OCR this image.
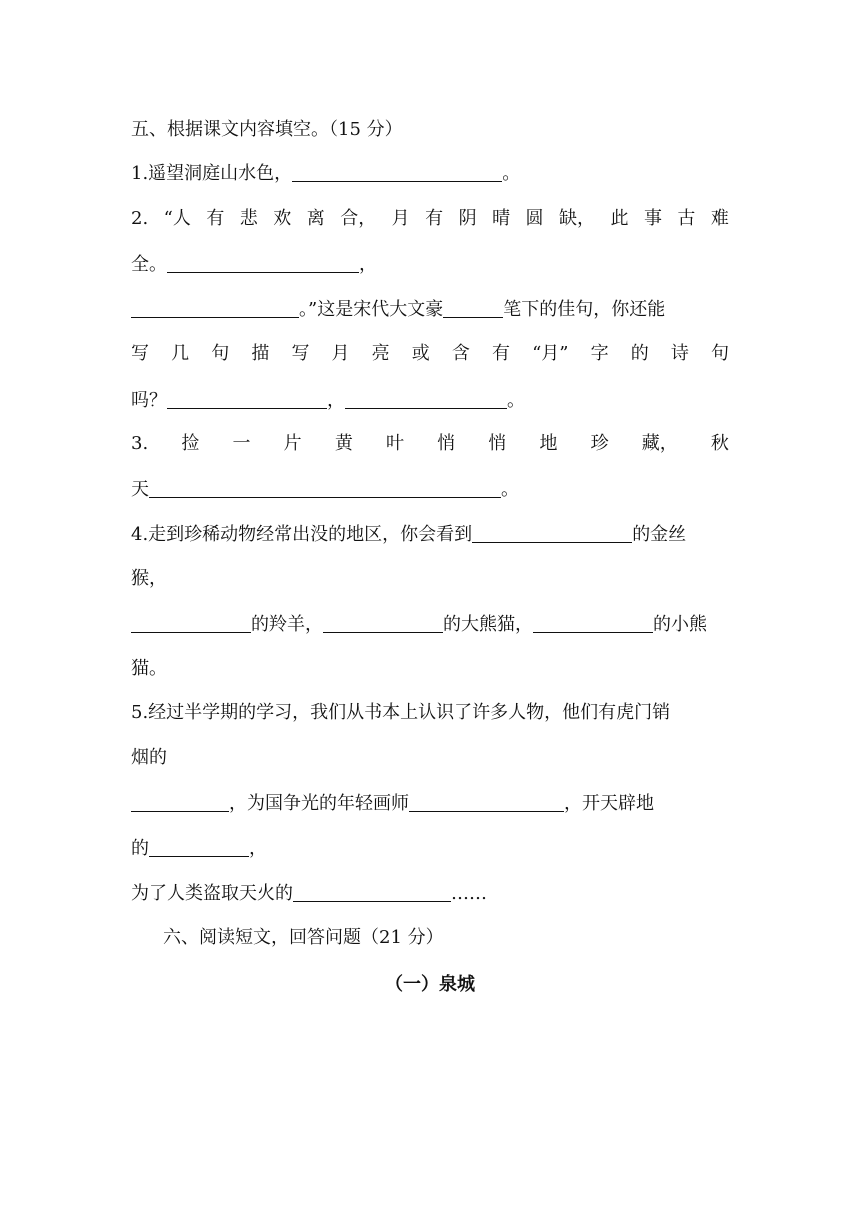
五、根据课文内容填空。（15 分）
1.遥望洞庭山水色，	。
2. “人 有 悲 欢 离 合， 月 有 阴 晴 圆 缺， 此 事 古 难
全。	，
。”这是宋代大文豪	笔下的佳句，你还能
写 几 句 描 写 月 亮 或 含 有 “月” 字 的 诗 句
吗？	，	。
3. 捡 一 片 黄 叶 悄 悄 地 珍 藏， 秋
天	。
4.走到珍稀动物经常出没的地区，你会看到	的金丝
猴，
的羚羊，	的大熊猫，	的小熊
猫。
5.经过半学期的学习，我们从书本上认识了许多人物，他们有虎门销
烟的
，为国争光的年轻画师	，开天辟地
的	，
为了人类盗取天火的	……
六、阅读短文，回答问题（21 分）
（一）泉城
